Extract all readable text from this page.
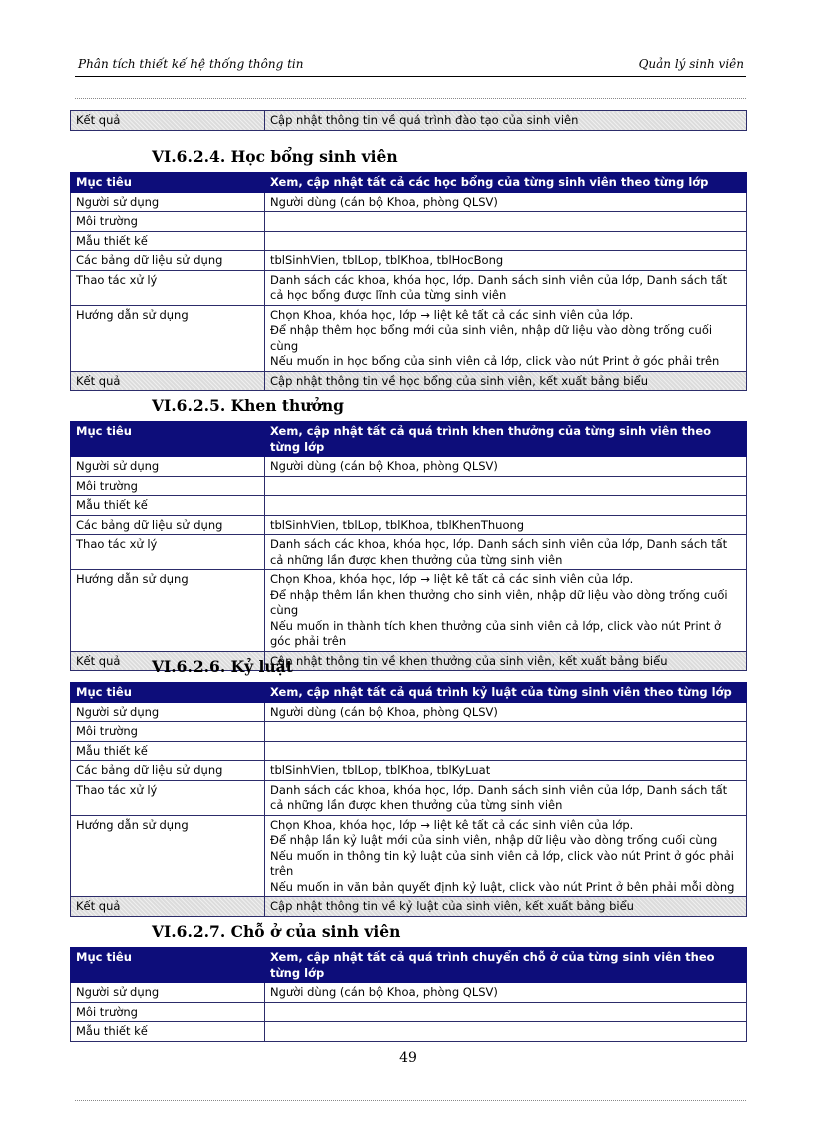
Phân tích thiết kế hệ thống thông tin	Quản lý sinh viên
Kết quả	Cập nhật thông tin về quá trình đào tạo của sinh viên
VI.6.2.4. Học bổng sinh viên
Mục tiêu	Xem, cập nhật tất cả các học bổng của từng sinh viên theo từng lớp
Người sử dụng	Người dùng (cán bộ Khoa, phòng QLSV)

Môi trường	
Mẫu thiết kế	
Các bảng dữ liệu sử dụng	tblSinhVien, tblLop, tblKhoa, tblHocBong

Thao tác xử lý	Danh sách các khoa, khóa học, lớp. Danh sách sinh viên của lớp, Danh sách tất cả học bổng được lĩnh của từng sinh viên

Hướng dẫn sử dụng	Chọn Khoa, khóa học, lớp → liệt kê tất cả các sinh viên của lớp.
Để nhập thêm học bổng mới của sinh viên, nhập dữ liệu vào dòng trống cuối cùng
Nếu muốn in học bổng của sinh viên cả lớp, click vào nút Print ở góc phải trên

Kết quả	Cập nhật thông tin về học bổng của sinh viên, kết xuất bảng biểu
VI.6.2.5. Khen thưởng
Mục tiêu	Xem, cập nhật tất cả quá trình khen thưởng của từng sinh viên theo từng lớp
Người sử dụng	Người dùng (cán bộ Khoa, phòng QLSV)

Môi trường	
Mẫu thiết kế	
Các bảng dữ liệu sử dụng	tblSinhVien, tblLop, tblKhoa, tblKhenThuong

Thao tác xử lý	Danh sách các khoa, khóa học, lớp. Danh sách sinh viên của lớp, Danh sách tất cả những lần được khen thưởng của từng sinh viên

Hướng dẫn sử dụng	Chọn Khoa, khóa học, lớp → liệt kê tất cả các sinh viên của lớp.
Để nhập thêm lần khen thưởng cho sinh viên, nhập dữ liệu vào dòng trống cuối cùng
Nếu muốn in thành tích khen thưởng của sinh viên cả lớp, click vào nút Print ở góc phải trên

Kết quả	Cập nhật thông tin về khen thưởng của sinh viên, kết xuất bảng biểu
VI.6.2.6. Kỷ luật
Mục tiêu	Xem, cập nhật tất cả quá trình kỷ luật của từng sinh viên theo từng lớp
Người sử dụng	Người dùng (cán bộ Khoa, phòng QLSV)

Môi trường	
Mẫu thiết kế	
Các bảng dữ liệu sử dụng	tblSinhVien, tblLop, tblKhoa, tblKyLuat

Thao tác xử lý	Danh sách các khoa, khóa học, lớp. Danh sách sinh viên của lớp, Danh sách tất cả những lần được khen thưởng của từng sinh viên

Hướng dẫn sử dụng	Chọn Khoa, khóa học, lớp → liệt kê tất cả các sinh viên của lớp.
Để nhập lần kỷ luật mới của sinh viên, nhập dữ liệu vào dòng trống cuối cùng
Nếu muốn in thông tin kỷ luật của sinh viên cả lớp, click vào nút Print ở góc phải trên
Nếu muốn in văn bản quyết định kỷ luật, click vào nút Print ở bên phải mỗi dòng

Kết quả	Cập nhật thông tin về kỷ luật của sinh viên, kết xuất bảng biểu
VI.6.2.7. Chỗ ở của sinh viên
Mục tiêu	Xem, cập nhật tất cả quá trình chuyển chỗ ở của từng sinh viên theo từng lớp
Người sử dụng	Người dùng (cán bộ Khoa, phòng QLSV)

Môi trường	
Mẫu thiết kế	
49
